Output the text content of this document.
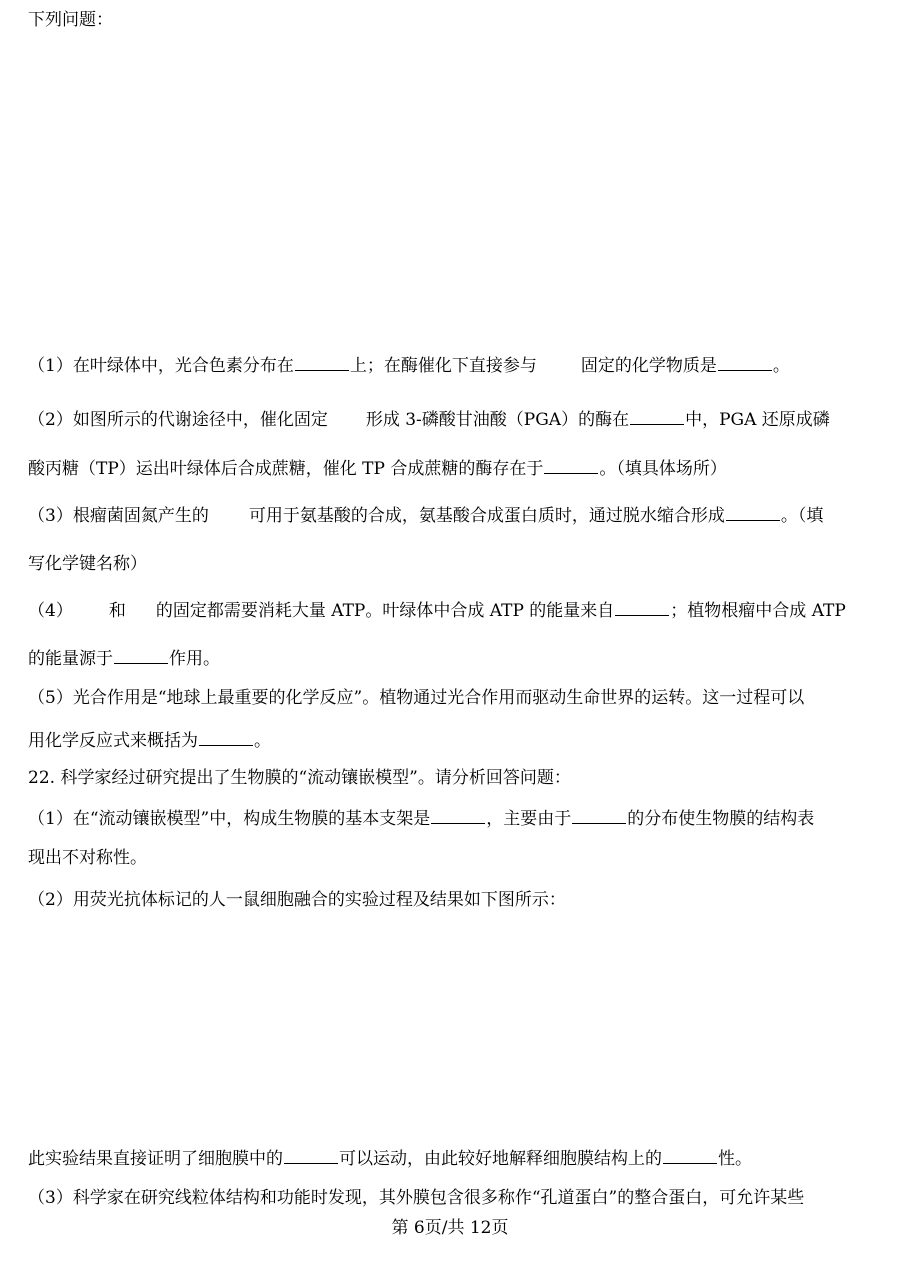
下列问题：
（1）在叶绿体中，光合色素分布在	上；在酶催化下直接参与	固定的化学物质是	。
（2）如图所示的代谢途径中，催化固定 形成 3-磷酸甘油酸（PGA）的酶在	中，PGA 还原成磷
酸丙糖（TP）运出叶绿体后合成蔗糖，催化 TP 合成蔗糖的酶存在于	。（填具体场所）
（3）根瘤菌固氮产生的 可用于氨基酸的合成，氨基酸合成蛋白质时，通过脱水缩合形成	。（填
写化学键名称）
（4） 和 的固定都需要消耗大量 ATP。叶绿体中合成 ATP 的能量来自	；植物根瘤中合成 ATP
的能量源于	作用。
（5）光合作用是“地球上最重要的化学反应”。植物通过光合作用而驱动生命世界的运转。这一过程可以
用化学反应式来概括为	。
22. 科学家经过研究提出了生物膜的“流动镶嵌模型”。请分析回答问题：
（1）在“流动镶嵌模型”中，构成生物膜的基本支架是	，主要由于	的分布使生物膜的结构表
现出不对称性。
（2）用荧光抗体标记的人一鼠细胞融合的实验过程及结果如下图所示：
此实验结果直接证明了细胞膜中的	可以运动，由此较好地解释细胞膜结构上的	性。
（3）科学家在研究线粒体结构和功能时发现，其外膜包含很多称作“孔道蛋白”的整合蛋白，可允许某些
第 6页/共 12页
